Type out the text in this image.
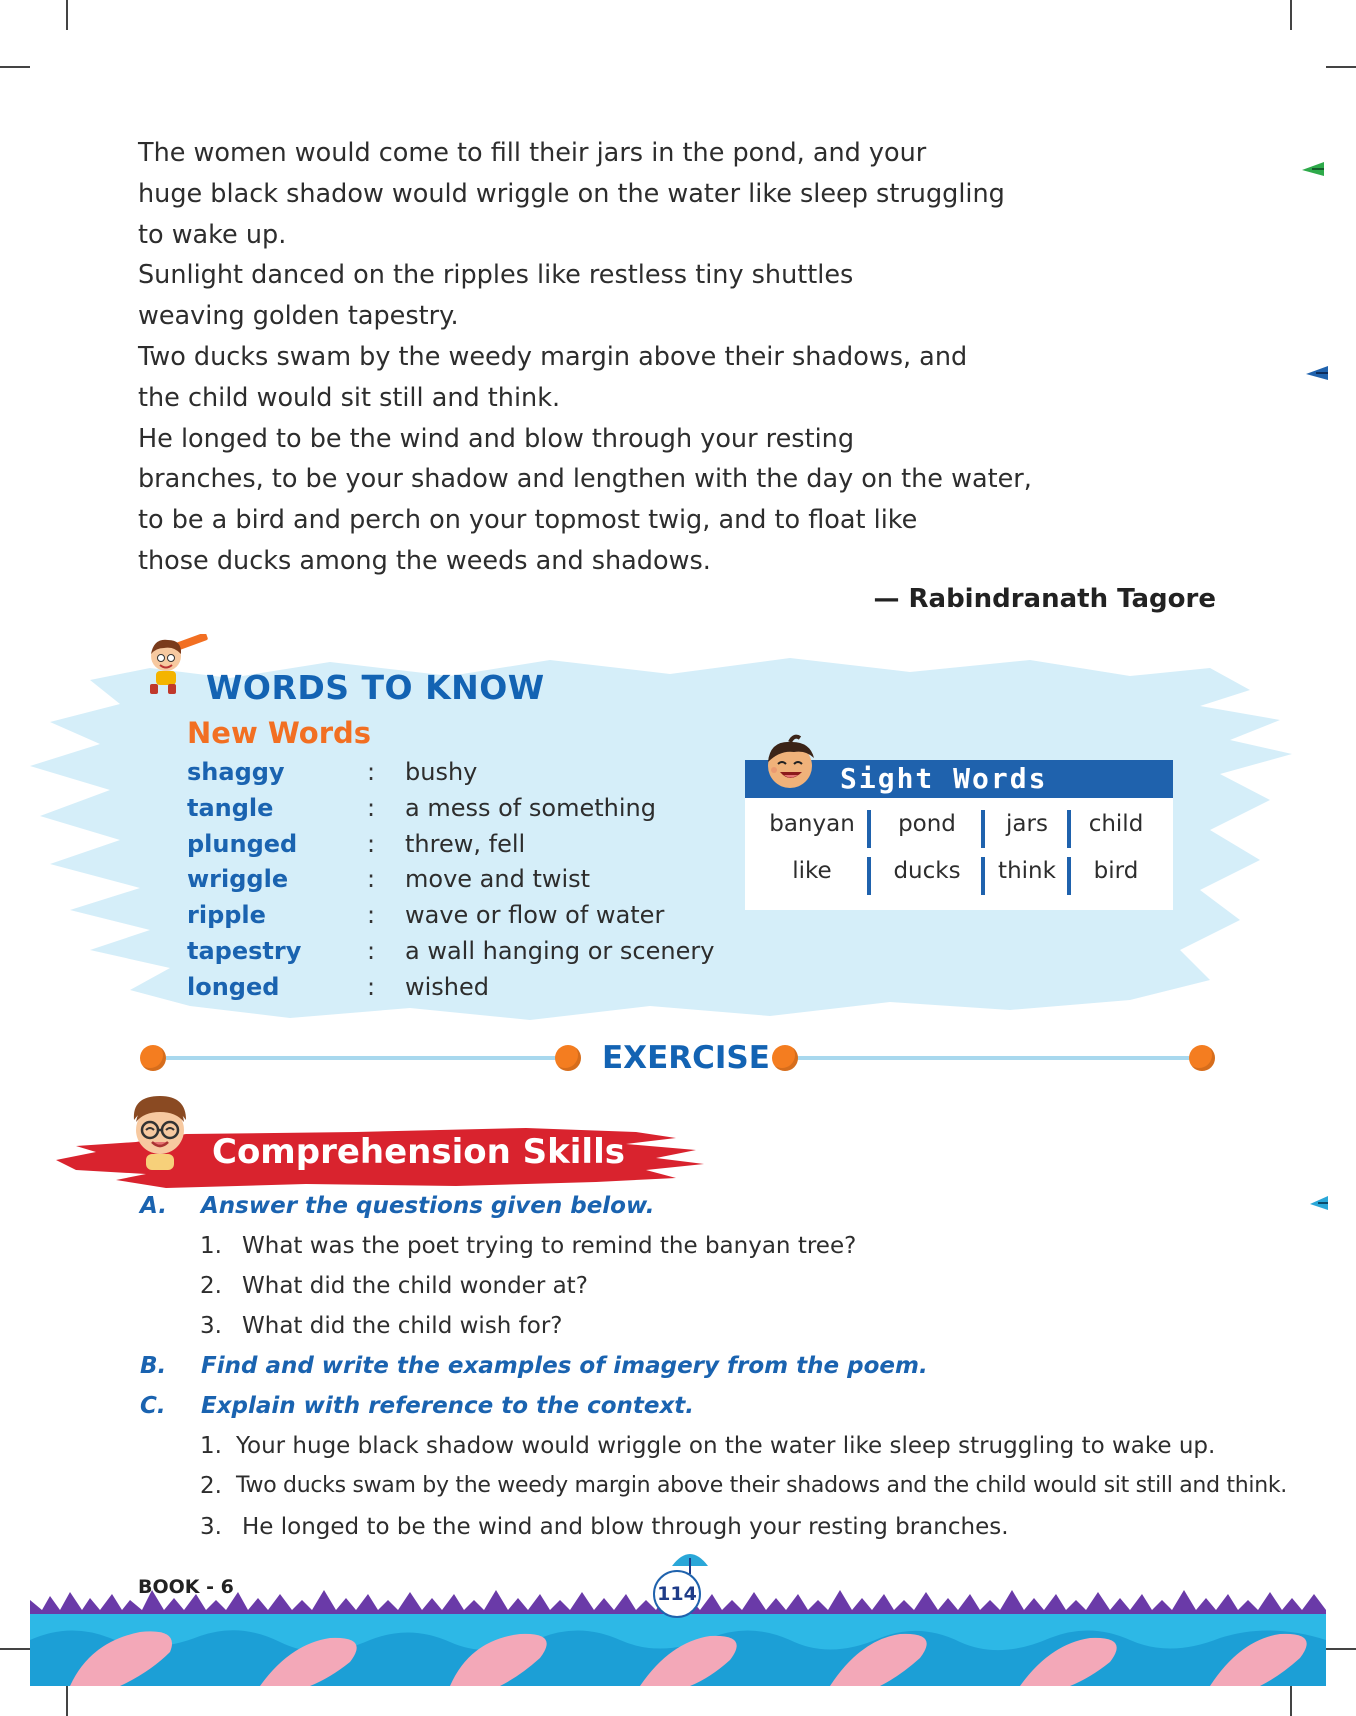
The women would come to fill their jars in the pond, and your
huge black shadow would wriggle on the water like sleep struggling
to wake up.
Sunlight danced on the ripples like restless tiny shuttles
weaving golden tapestry.
Two ducks swam by the weedy margin above their shadows, and
the child would sit still and think.
He longed to be the wind and blow through your resting
branches, to be your shadow and lengthen with the day on the water,
to be a bird and perch on your topmost twig, and to float like
those ducks among the weeds and shadows.
— Rabindranath Tagore
WORDS TO KNOW
New Words
shaggy	: bushy
tangle	: a mess of something
plunged	: threw, fell
wriggle	: move and twist
ripple	: wave or flow of water
tapestry	: a wall hanging or scenery
longed	: wished
Sight Words
banyan	pond	jars	child
like	ducks	think	bird
EXERCISE
Comprehension Skills
A. Answer the questions given below.
1. What was the poet trying to remind the banyan tree?
2. What did the child wonder at?
3. What did the child wish for?
B. Find and write the examples of imagery from the poem.
C. Explain with reference to the context.
1. Your huge black shadow would wriggle on the water like sleep struggling to wake up.
2. Two ducks swam by the weedy margin above their shadows and the child would sit still and think.
3. He longed to be the wind and blow through your resting branches.
BOOK - 6	114
